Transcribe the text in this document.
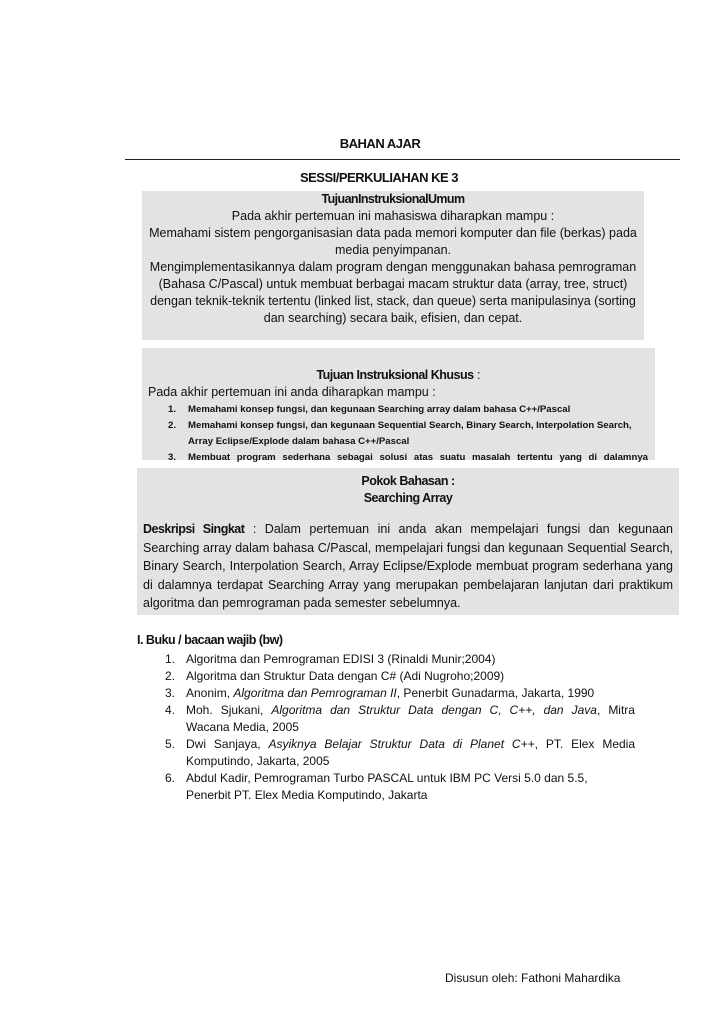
BAHAN AJAR
SESSI/PERKULIAHAN KE 3
TujuanInstruksionalUmum
Pada akhir pertemuan ini mahasiswa diharapkan mampu :
Memahami sistem pengorganisasian data pada memori komputer dan file (berkas) pada
media penyimpanan.
Mengimplementasikannya dalam program dengan menggunakan bahasa pemrograman
(Bahasa C/Pascal) untuk membuat berbagai macam struktur data (array, tree, struct)
dengan teknik-teknik tertentu (linked list, stack, dan queue) serta manipulasinya (sorting
dan searching) secara baik, efisien, dan cepat.
Tujuan Instruksional Khusus :
Pada akhir pertemuan ini anda diharapkan mampu :
1.	Memahami konsep fungsi, dan kegunaan Searching array dalam bahasa C++/Pascal
2.	Memahami konsep fungsi, dan kegunaan Sequential Search, Binary Search, Interpolation Search,
Array Eclipse/Explode dalam bahasa C++/Pascal
3.	Membuat program sederhana sebagai solusi atas suatu masalah tertentu yang di dalamnya
Pokok Bahasan :
Searching Array
Deskripsi Singkat : Dalam pertemuan ini anda akan mempelajari fungsi dan kegunaan Searching array dalam bahasa C/Pascal, mempelajari fungsi dan kegunaan Sequential Search, Binary Search, Interpolation Search, Array Eclipse/Explode membuat program sederhana yang di dalamnya terdapat Searching Array yang merupakan pembelajaran lanjutan dari praktikum algoritma dan pemrograman pada semester sebelumnya.
I. Buku / bacaan wajib (bw)
1. Algoritma dan Pemrograman EDISI 3 (Rinaldi Munir;2004)
2. Algoritma dan Struktur Data dengan C# (Adi Nugroho;2009)
3. Anonim, Algoritma dan Pemrograman II, Penerbit Gunadarma, Jakarta, 1990
4. Moh. Sjukani, Algoritma dan Struktur Data dengan C, C++, dan Java, Mitra
Wacana Media, 2005
5. Dwi Sanjaya, Asyiknya Belajar Struktur Data di Planet C++, PT. Elex Media
Komputindo, Jakarta, 2005
6. Abdul Kadir, Pemrograman Turbo PASCAL untuk IBM PC Versi 5.0 dan 5.5,
Penerbit PT. Elex Media Komputindo, Jakarta
Disusun oleh: Fathoni Mahardika
